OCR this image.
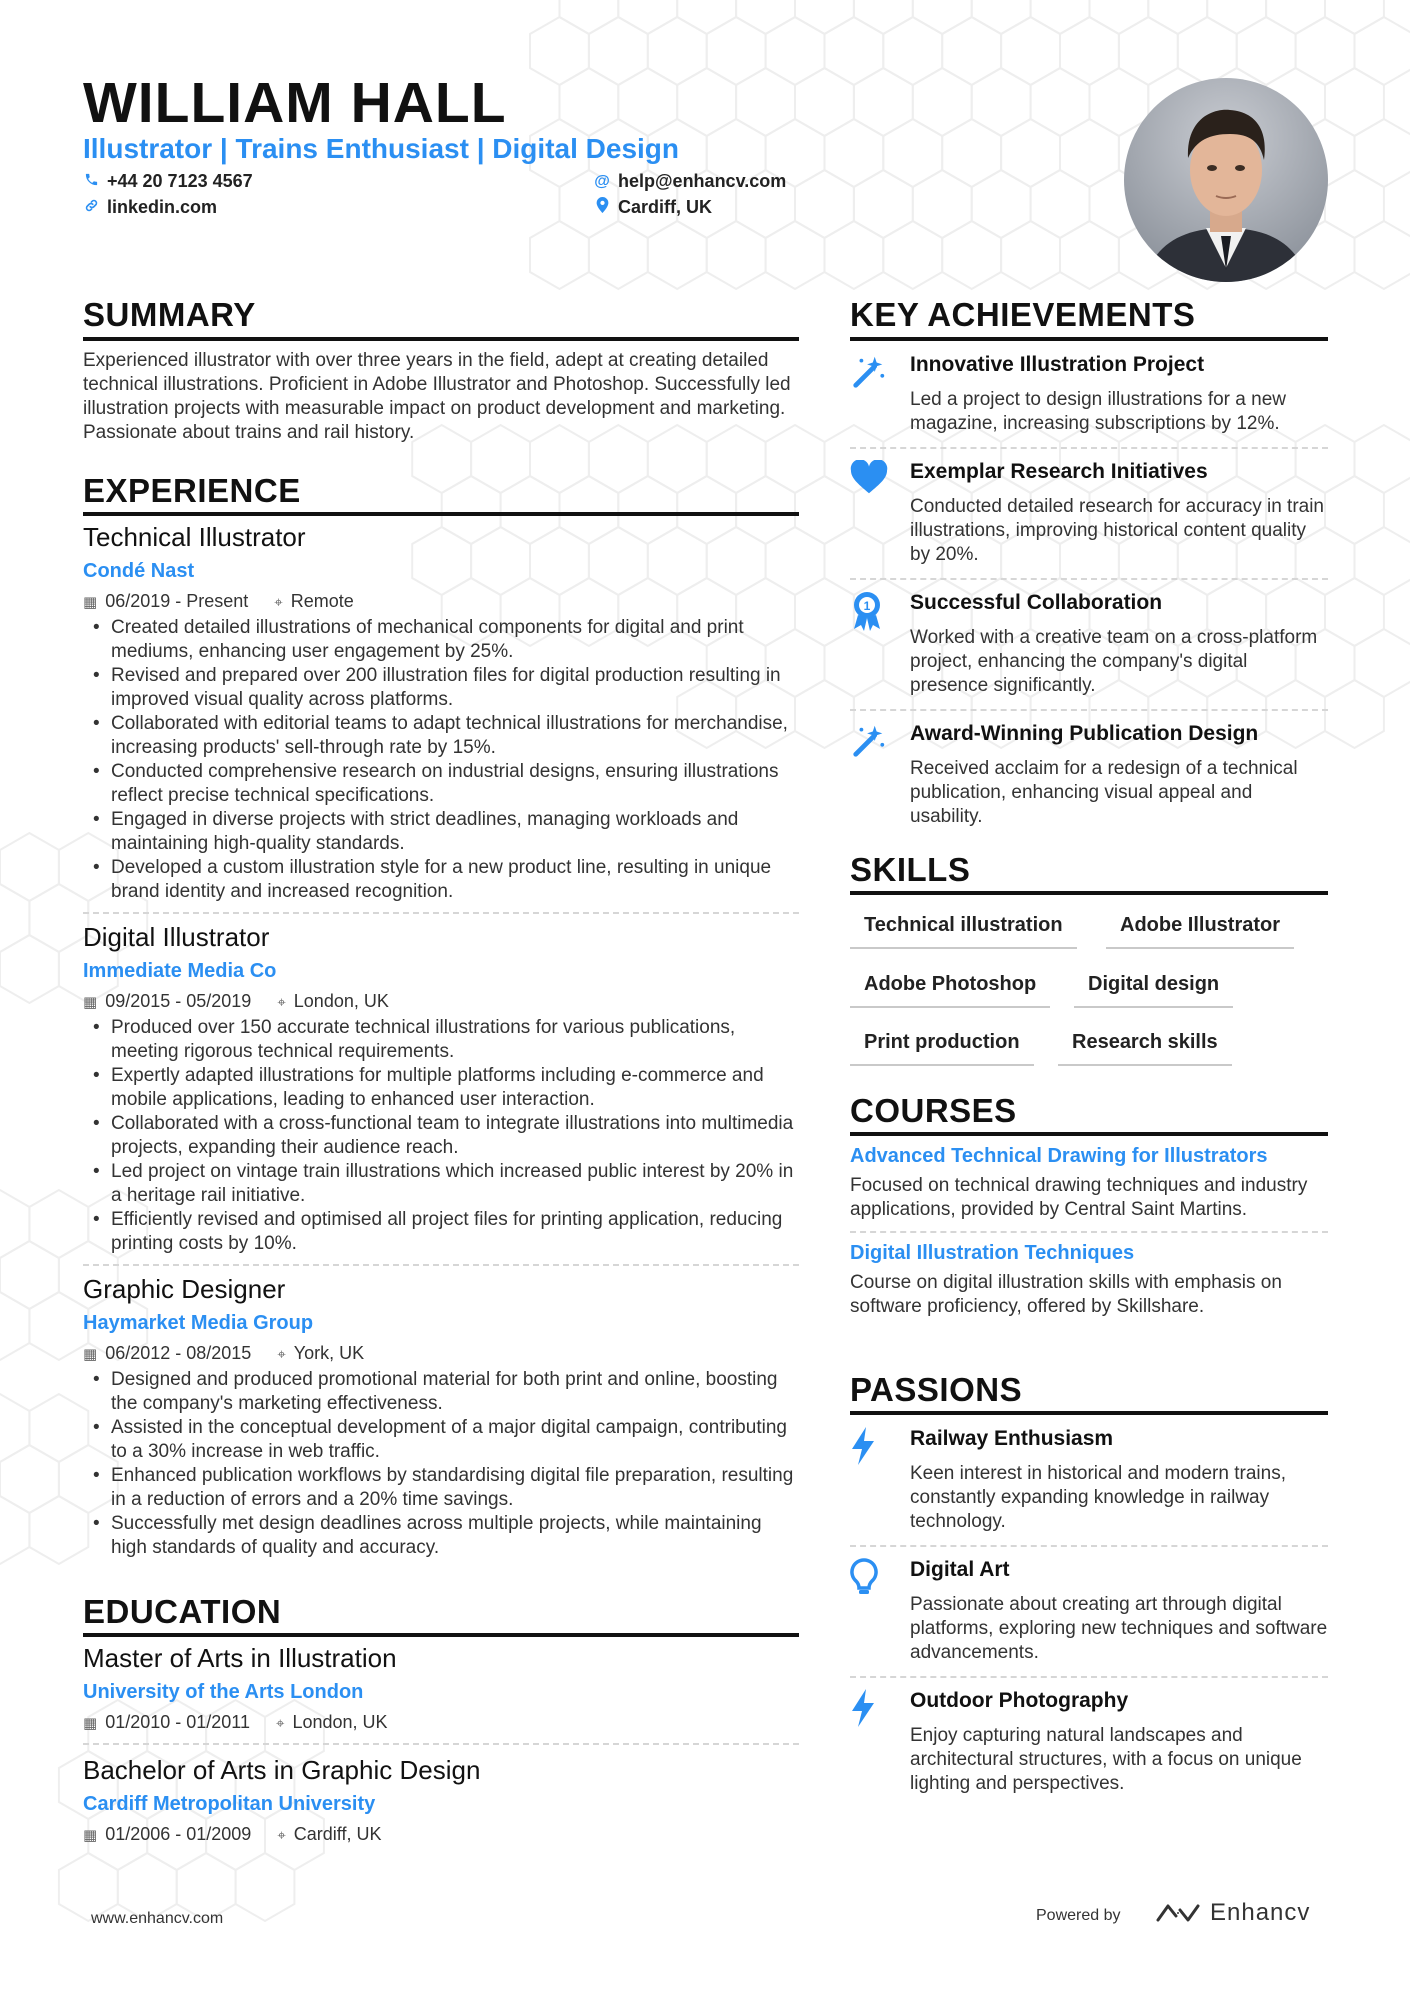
WILLIAM HALL
Illustrator | Trains Enthusiast | Digital Design
+44 20 7123 4567
linkedin.com
@ help@enhancv.com
Cardiff, UK
SUMMARY
Experienced illustrator with over three years in the field, adept at creating detailed technical illustrations. Proficient in Adobe Illustrator and Photoshop. Successfully led illustration projects with measurable impact on product development and marketing. Passionate about trains and rail history.
EXPERIENCE
Technical Illustrator
Condé Nast
▦ 06/2019 - Present ⌖ Remote
• Created detailed illustrations of mechanical components for digital and print mediums, enhancing user engagement by 25%.
• Revised and prepared over 200 illustration files for digital production resulting in improved visual quality across platforms.
• Collaborated with editorial teams to adapt technical illustrations for merchandise, increasing products' sell-through rate by 15%.
• Conducted comprehensive research on industrial designs, ensuring illustrations reflect precise technical specifications.
• Engaged in diverse projects with strict deadlines, managing workloads and maintaining high-quality standards.
• Developed a custom illustration style for a new product line, resulting in unique brand identity and increased recognition.
Digital Illustrator
Immediate Media Co
▦ 09/2015 - 05/2019 ⌖ London, UK
• Produced over 150 accurate technical illustrations for various publications, meeting rigorous technical requirements.
• Expertly adapted illustrations for multiple platforms including e-commerce and mobile applications, leading to enhanced user interaction.
• Collaborated with a cross-functional team to integrate illustrations into multimedia projects, expanding their audience reach.
• Led project on vintage train illustrations which increased public interest by 20% in a heritage rail initiative.
• Efficiently revised and optimised all project files for printing application, reducing printing costs by 10%.
Graphic Designer
Haymarket Media Group
▦ 06/2012 - 08/2015 ⌖ York, UK
• Designed and produced promotional material for both print and online, boosting the company's marketing effectiveness.
• Assisted in the conceptual development of a major digital campaign, contributing to a 30% increase in web traffic.
• Enhanced publication workflows by standardising digital file preparation, resulting in a reduction of errors and a 20% time savings.
• Successfully met design deadlines across multiple projects, while maintaining high standards of quality and accuracy.
EDUCATION
Master of Arts in Illustration
University of the Arts London
▦ 01/2010 - 01/2011 ⌖ London, UK
Bachelor of Arts in Graphic Design
Cardiff Metropolitan University
▦ 01/2006 - 01/2009 ⌖ Cardiff, UK
KEY ACHIEVEMENTS
Innovative Illustration Project
Led a project to design illustrations for a new magazine, increasing subscriptions by 12%.
Exemplar Research Initiatives
Conducted detailed research for accuracy in train illustrations, improving historical content quality by 20%.
1 Successful Collaboration
Worked with a creative team on a cross-platform project, enhancing the company's digital presence significantly.
Award-Winning Publication Design
Received acclaim for a redesign of a technical publication, enhancing visual appeal and usability.
SKILLS
Technical illustration	Adobe Illustrator
Adobe Photoshop	Digital design
Print production	Research skills
COURSES
Advanced Technical Drawing for Illustrators
Focused on technical drawing techniques and industry applications, provided by Central Saint Martins.
Digital Illustration Techniques
Course on digital illustration skills with emphasis on software proficiency, offered by Skillshare.
PASSIONS
Railway Enthusiasm
Keen interest in historical and modern trains, constantly expanding knowledge in railway technology.
Digital Art
Passionate about creating art through digital platforms, exploring new techniques and software advancements.
Outdoor Photography
Enjoy capturing natural landscapes and architectural structures, with a focus on unique lighting and perspectives.
www.enhancv.com	Powered by	Enhancv
